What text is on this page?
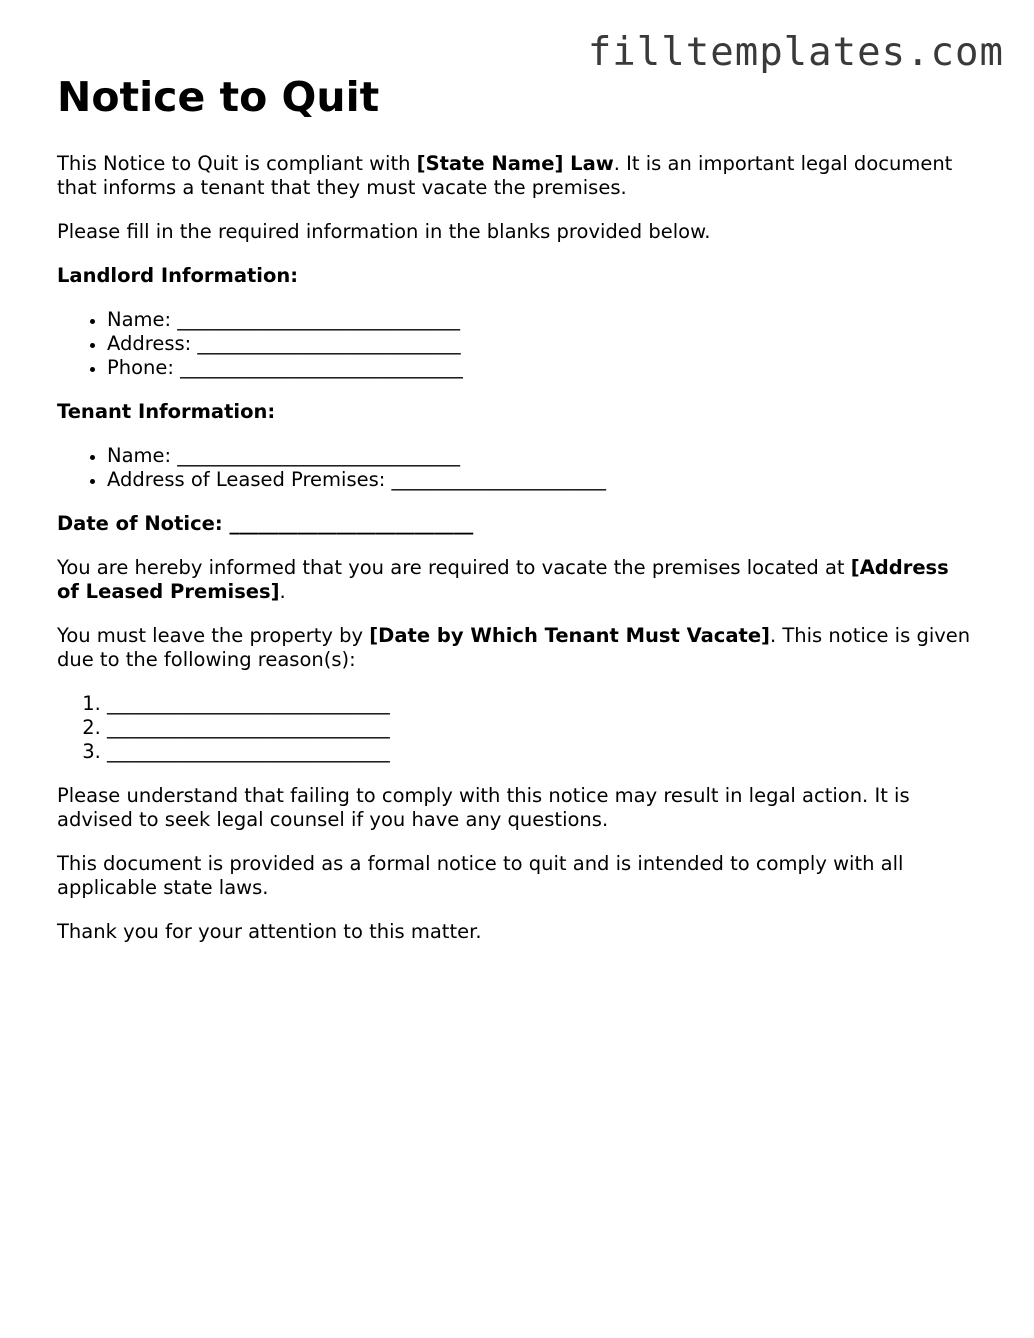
filltemplates.com
Notice to Quit

This Notice to Quit is compliant with [State Name] Law. It is an important legal document that informs a tenant that they must vacate the premises.

Please fill in the required information in the blanks provided below.

Landlord Information:
• Name: _____________________________
• Address: ___________________________
• Phone: _____________________________
Tenant Information:
• Name: _____________________________
• Address of Leased Premises: ______________________
Date of Notice: _________________________

You are hereby informed that you are required to vacate the premises located at [Address of Leased Premises].

You must leave the property by [Date by Which Tenant Must Vacate]. This notice is given due to the following reason(s):

1. _____________________________
2. _____________________________
3. _____________________________

Please understand that failing to comply with this notice may result in legal action. It is advised to seek legal counsel if you have any questions.

This document is provided as a formal notice to quit and is intended to comply with all applicable state laws.

Thank you for your attention to this matter.
